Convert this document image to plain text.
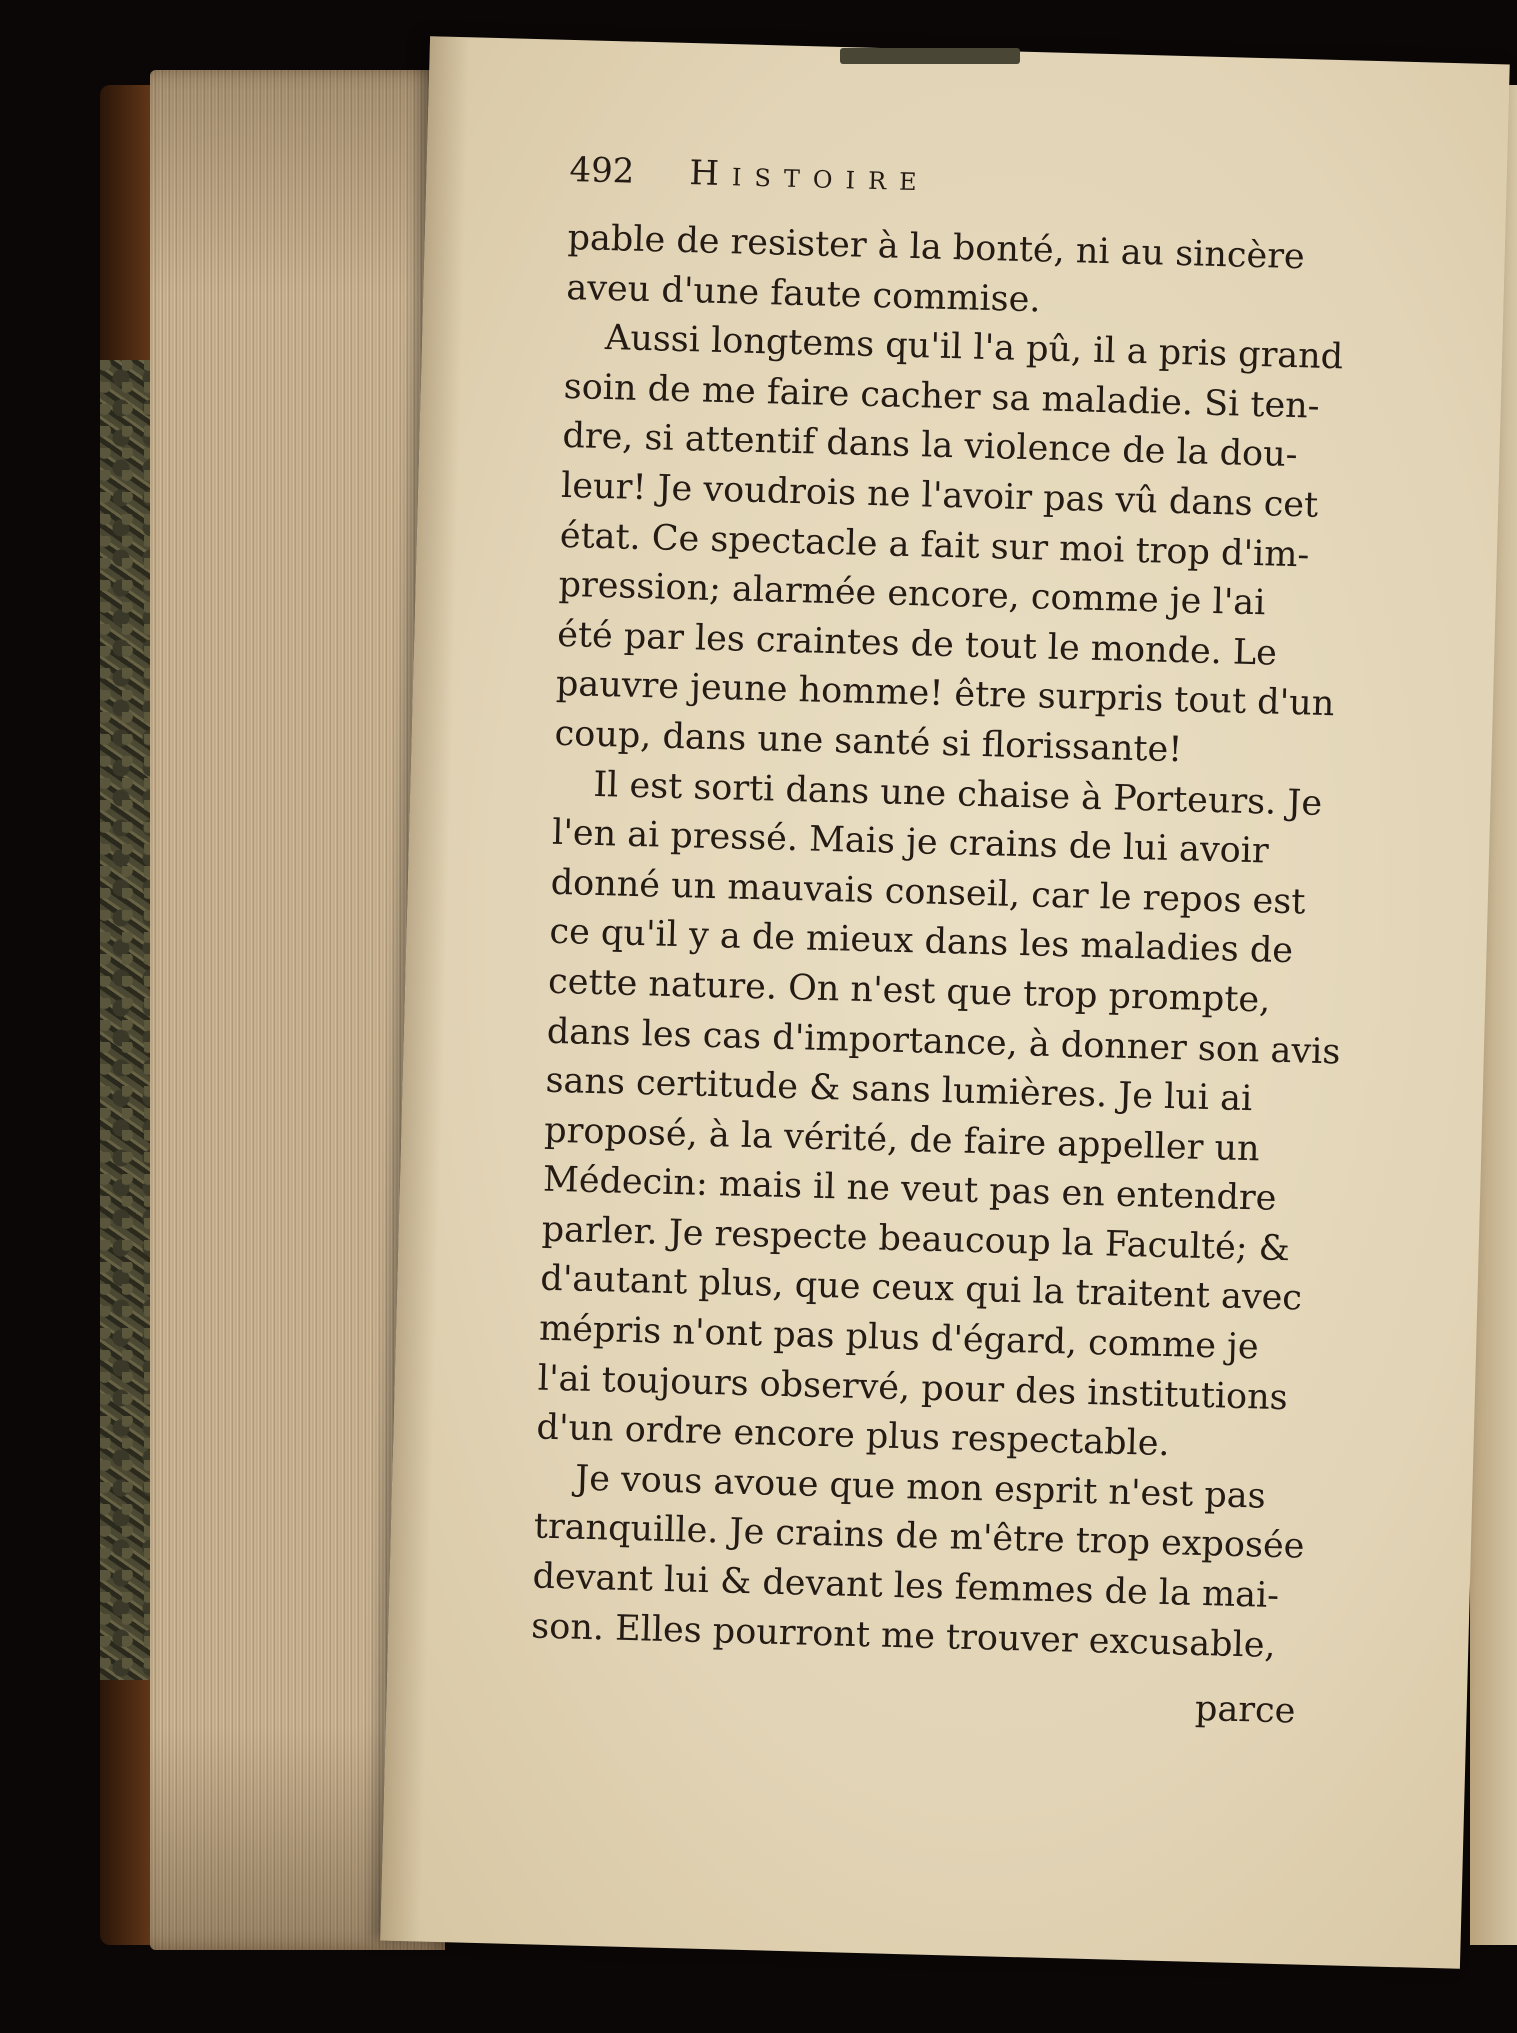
492	Histoire
pable de resister à la bonté, ni au sincère
aveu d'une faute commise.
Aussi longtems qu'il l'a pû, il a pris grand
soin de me faire cacher sa maladie. Si ten-
dre, si attentif dans la violence de la dou-
leur! Je voudrois ne l'avoir pas vû dans cet
état. Ce spectacle a fait sur moi trop d'im-
pression; alarmée encore, comme je l'ai
été par les craintes de tout le monde. Le
pauvre jeune homme! être surpris tout d'un
coup, dans une santé si florissante!
Il est sorti dans une chaise à Porteurs. Je
l'en ai pressé. Mais je crains de lui avoir
donné un mauvais conseil, car le repos est
ce qu'il y a de mieux dans les maladies de
cette nature. On n'est que trop prompte,
dans les cas d'importance, à donner son avis
sans certitude & sans lumières. Je lui ai
proposé, à la vérité, de faire appeller un
Médecin: mais il ne veut pas en entendre
parler. Je respecte beaucoup la Faculté; &
d'autant plus, que ceux qui la traitent avec
mépris n'ont pas plus d'égard, comme je
l'ai toujours observé, pour des institutions
d'un ordre encore plus respectable.
Je vous avoue que mon esprit n'est pas
tranquille. Je crains de m'être trop exposée
devant lui & devant les femmes de la mai-
son. Elles pourront me trouver excusable,
parce
